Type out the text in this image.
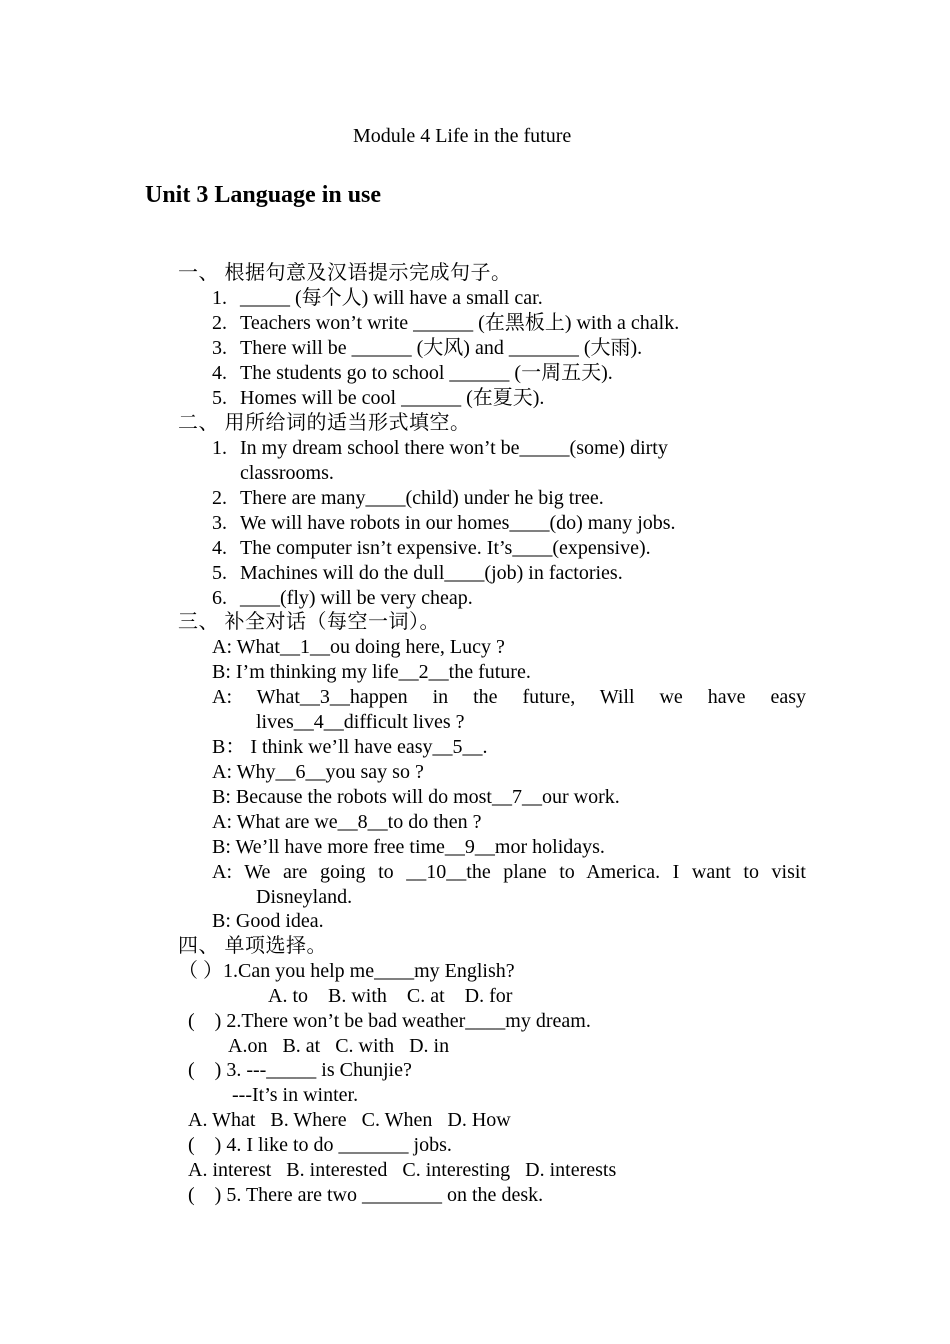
Module 4 Life in the future
Unit 3 Language in use
一、 根据句意及汉语提示完成句子。
1. _____ (每个人) will have a small car.
2. Teachers won’t write ______ (在黑板上) with a chalk.
3. There will be ______ (大风) and _______ (大雨).
4. The students go to school ______ (一周五天).
5. Homes will be cool ______ (在夏天).
二、 用所给词的适当形式填空。
1. In my dream school there won’t be_____(some) dirty
classrooms.
2. There are many____(child) under he big tree.
3. We will have robots in our homes____(do) many jobs.
4. The computer isn’t expensive. It’s____(expensive).
5. Machines will do the dull____(job) in factories.
6. ____(fly) will be very cheap.
三、 补全对话（每空一词）。
A: What__1__ou doing here, Lucy ?
B: I’m thinking my life__2__the future.
A: What__3__happen in the future, Will we have easy
lives__4__difficult lives ?
B： I think we’ll have easy__5__.
A: Why__6__you say so ?
B: Because the robots will do most__7__our work.
A: What are we__8__to do then ?
B: We’ll have more free time__9__mor holidays.
A: We are going to __10__the plane to America. I want to visit
Disneyland.
B: Good idea.
四、 单项选择。
（ ）1.Can you help me____my English?
A. to    B. with    C. at    D. for
(    ) 2.There won’t be bad weather____my dream.
A.on   B. at   C. with   D. in
(    ) 3. ---_____ is Chunjie?
---It’s in winter.
A. What   B. Where   C. When   D. How
(    ) 4. I like to do _______ jobs.
A. interest   B. interested   C. interesting   D. interests
(    ) 5. There are two ________ on the desk.
